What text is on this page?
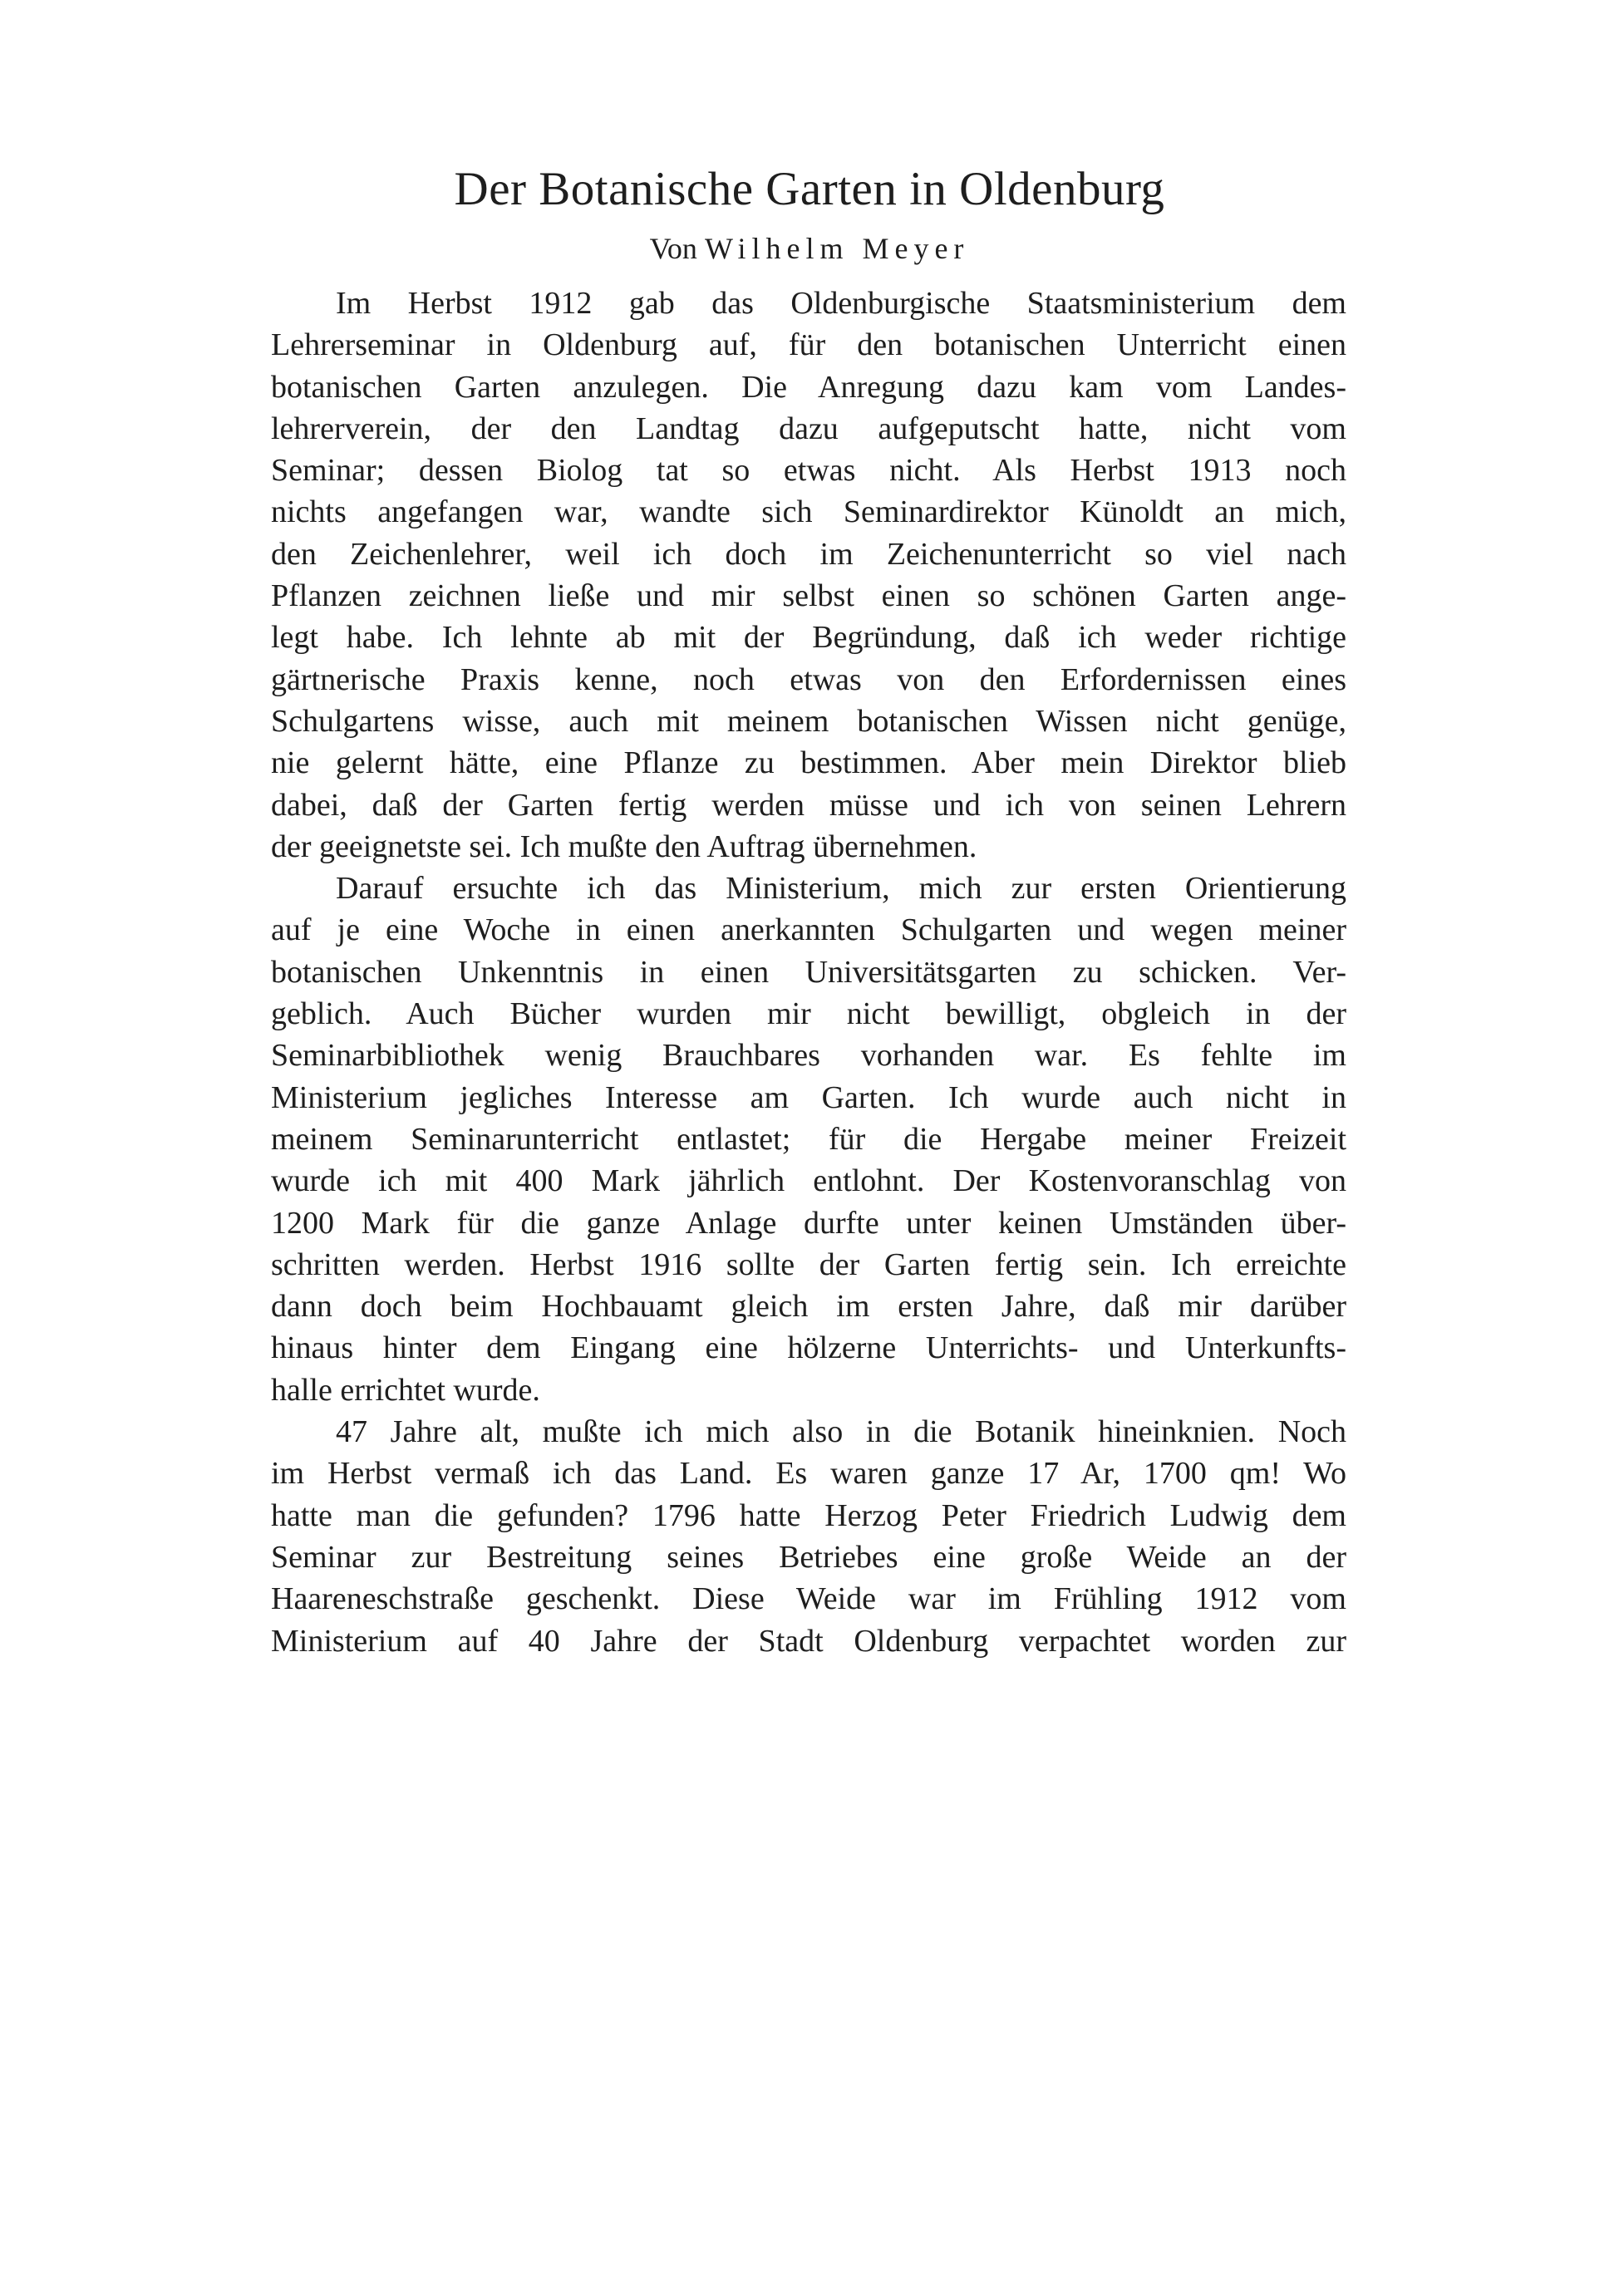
Der Botanische Garten in Oldenburg
Von Wilhelm Meyer

Im Herbst 1912 gab das Oldenburgische Staatsministerium dem
Lehrerseminar in Oldenburg auf, für den botanischen Unterricht einen
botanischen Garten anzulegen. Die Anregung dazu kam vom Landes-
lehrerverein, der den Landtag dazu aufgeputscht hatte, nicht vom
Seminar; dessen Biolog tat so etwas nicht. Als Herbst 1913 noch
nichts angefangen war, wandte sich Seminardirektor Künoldt an mich,
den Zeichenlehrer, weil ich doch im Zeichenunterricht so viel nach
Pflanzen zeichnen ließe und mir selbst einen so schönen Garten ange-
legt habe. Ich lehnte ab mit der Begründung, daß ich weder richtige
gärtnerische Praxis kenne, noch etwas von den Erfordernissen eines
Schulgartens wisse, auch mit meinem botanischen Wissen nicht genüge,
nie gelernt hätte, eine Pflanze zu bestimmen. Aber mein Direktor blieb
dabei, daß der Garten fertig werden müsse und ich von seinen Lehrern
der geeignetste sei. Ich mußte den Auftrag übernehmen.

Darauf ersuchte ich das Ministerium, mich zur ersten Orientierung
auf je eine Woche in einen anerkannten Schulgarten und wegen meiner
botanischen Unkenntnis in einen Universitätsgarten zu schicken. Ver-
geblich. Auch Bücher wurden mir nicht bewilligt, obgleich in der
Seminarbibliothek wenig Brauchbares vorhanden war. Es fehlte im
Ministerium jegliches Interesse am Garten. Ich wurde auch nicht in
meinem Seminarunterricht entlastet; für die Hergabe meiner Freizeit
wurde ich mit 400 Mark jährlich entlohnt. Der Kostenvoranschlag von
1200 Mark für die ganze Anlage durfte unter keinen Umständen über-
schritten werden. Herbst 1916 sollte der Garten fertig sein. Ich erreichte
dann doch beim Hochbauamt gleich im ersten Jahre, daß mir darüber
hinaus hinter dem Eingang eine hölzerne Unterrichts- und Unterkunfts-
halle errichtet wurde.

47 Jahre alt, mußte ich mich also in die Botanik hineinknien. Noch
im Herbst vermaß ich das Land. Es waren ganze 17 Ar, 1700 qm! Wo
hatte man die gefunden? 1796 hatte Herzog Peter Friedrich Ludwig dem
Seminar zur Bestreitung seines Betriebes eine große Weide an der
Haareneschstraße geschenkt. Diese Weide war im Frühling 1912 vom
Ministerium auf 40 Jahre der Stadt Oldenburg verpachtet worden zur
